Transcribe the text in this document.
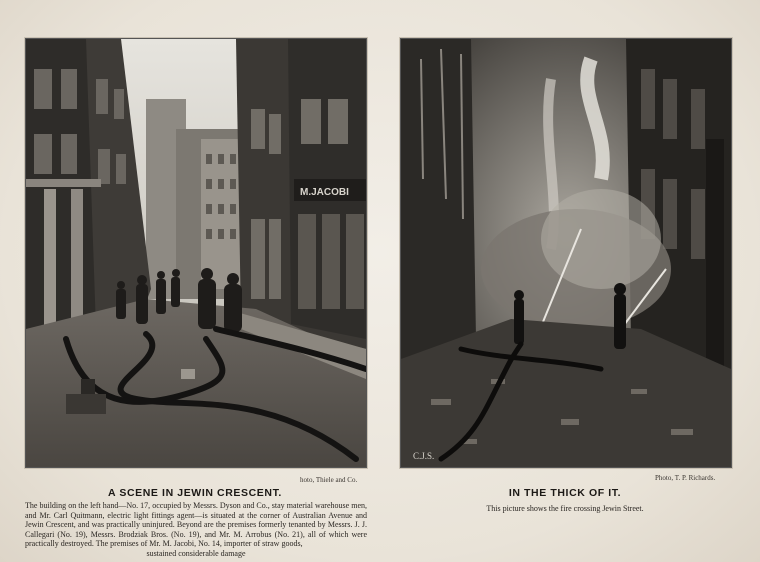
M.JACOBI
C.J.S.
hoto, Thiele and Co.	Photo, T. P. Richards.
A SCENE IN JEWIN CRESCENT.
The building on the left hand—No. 17, occupied by Messrs. Dyson and Co., stay material warehouse men, and Mr. Carl Quitmann, electric light fittings agent—is situated at the corner of Australian Avenue and Jewin Crescent, and was practically uninjured. Beyond are the premises formerly tenanted by Messrs. J. J. Callegari (No. 19), Messrs. Brodziak Bros. (No. 19), and Mr. M. Arrobus (No. 21), all of which were practically destroyed. The premises of Mr. M. Jacobi, No. 14, importer of straw goods,
sustained considerable damage
IN THE THICK OF IT.
This picture shows the fire crossing Jewin Street.
